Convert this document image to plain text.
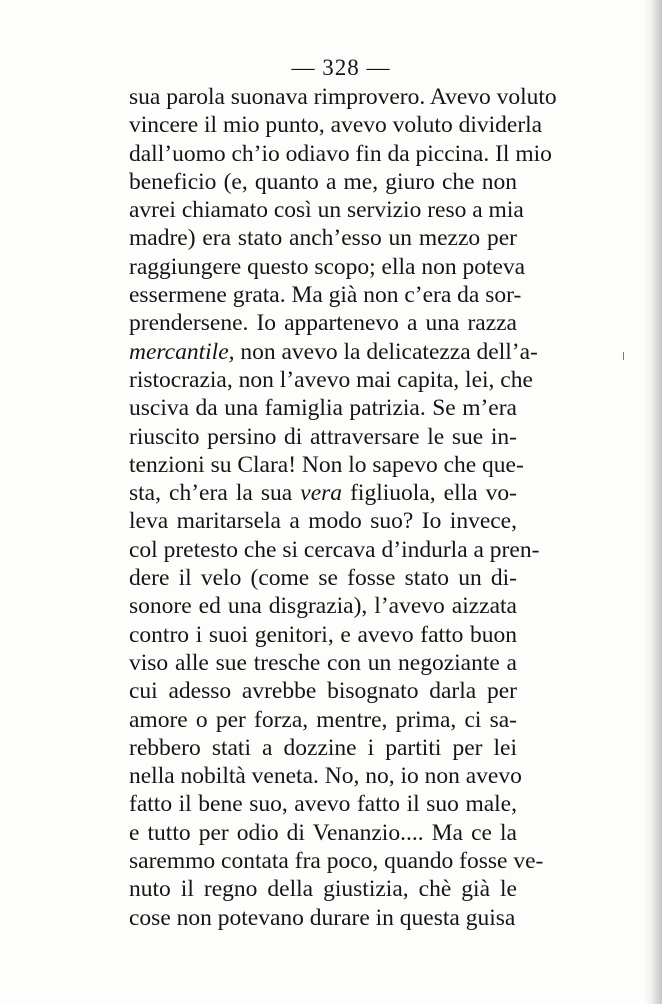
— 328 —
sua parola suonava rimprovero. Avevo voluto
vincere il mio punto, avevo voluto dividerla
dall’uomo ch’io odiavo fin da piccina. Il mio
beneficio (e, quanto a me, giuro che non
avrei chiamato così un servizio reso a mia
madre) era stato anch’esso un mezzo per
raggiungere questo scopo; ella non poteva
essermene grata. Ma già non c’era da sor-
prendersene. Io appartenevo a una razza
mercantile, non avevo la delicatezza dell’a-
ristocrazia, non l’avevo mai capita, lei, che
usciva da una famiglia patrizia. Se m’era
riuscito persino di attraversare le sue in-
tenzioni su Clara! Non lo sapevo che que-
sta, ch’era la sua vera figliuola, ella vo-
leva maritarsela a modo suo? Io invece,
col pretesto che si cercava d’indurla a pren-
dere il velo (come se fosse stato un di-
sonore ed una disgrazia), l’avevo aizzata
contro i suoi genitori, e avevo fatto buon
viso alle sue tresche con un negoziante a
cui adesso avrebbe bisognato darla per
amore o per forza, mentre, prima, ci sa-
rebbero stati a dozzine i partiti per lei
nella nobiltà veneta. No, no, io non avevo
fatto il bene suo, avevo fatto il suo male,
e tutto per odio di Venanzio.... Ma ce la
saremmo contata fra poco, quando fosse ve-
nuto il regno della giustizia, chè già le
cose non potevano durare in questa guisa
